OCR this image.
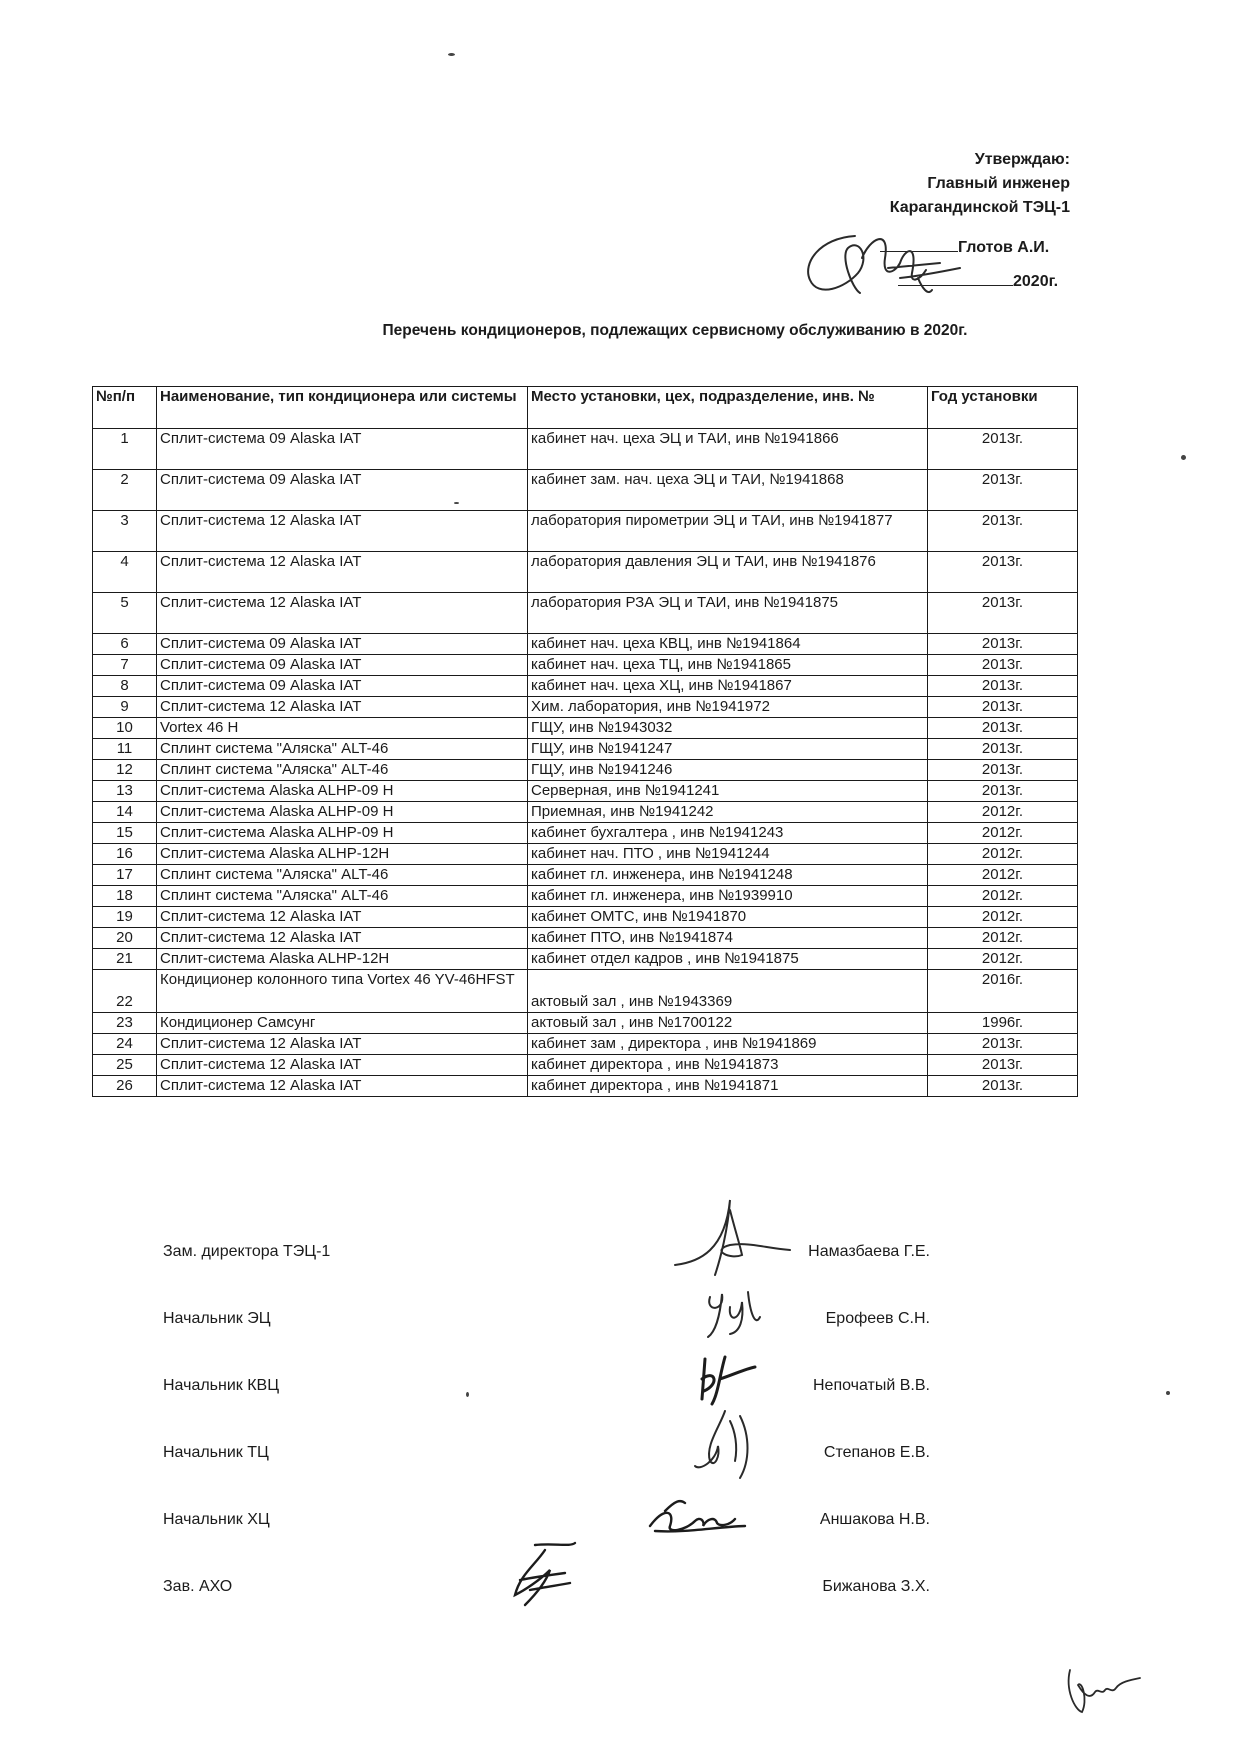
Утверждаю:
Главный инженер
Карагандинской ТЭЦ-1
Глотов А.И.
2020г.
Перечень кондиционеров, подлежащих сервисному обслуживанию в 2020г.
№п/п	Наименование, тип кондиционера или системы	Место установки, цех, подразделение, инв. №	Год установки
1	Сплит-система 09 Alaska IAT	кабинет нач. цеха ЭЦ и ТАИ, инв №1941866	2013г.
2	Сплит-система 09 Alaska IAT	кабинет зам. нач. цеха ЭЦ и ТАИ, №1941868	2013г.
3	Сплит-система 12 Alaska IAT	лаборатория пирометрии ЭЦ и ТАИ, инв №1941877	2013г.
4	Сплит-система 12 Alaska IAT	лаборатория давления ЭЦ и ТАИ, инв №1941876	2013г.
5	Сплит-система 12 Alaska IAT	лаборатория РЗА ЭЦ и ТАИ, инв №1941875	2013г.
6	Сплит-система 09 Alaska IAT	кабинет нач. цеха КВЦ, инв №1941864	2013г.
7	Сплит-система 09 Alaska IAT	кабинет нач. цеха ТЦ, инв №1941865	2013г.
8	Сплит-система 09 Alaska IAT	кабинет нач. цеха ХЦ, инв №1941867	2013г.
9	Сплит-система 12 Alaska IAT	Хим. лаборатория, инв №1941972	2013г.
10	Vortex 46 H	ГЩУ, инв №1943032	2013г.
11	Сплинт система "Аляска" ALT-46	ГЩУ, инв №1941247	2013г.
12	Сплинт система "Аляска" ALT-46	ГЩУ, инв №1941246	2013г.
13	Сплит-система Alaska ALHP-09 H	Серверная, инв №1941241	2013г.
14	Сплит-система Alaska ALHP-09 H	Приемная, инв №1941242	2012г.
15	Сплит-система Alaska ALHP-09 H	кабинет бухгалтера , инв №1941243	2012г.
16	Сплит-система Alaska ALHP-12H	кабинет нач. ПТО , инв №1941244	2012г.
17	Сплинт система "Аляска" ALT-46	кабинет гл. инженера, инв №1941248	2012г.
18	Сплинт система "Аляска" ALT-46	кабинет гл. инженера, инв №1939910	2012г.
19	Сплит-система 12 Alaska IAT	кабинет ОМТС, инв №1941870	2012г.
20	Сплит-система 12 Alaska IAT	кабинет ПТО, инв №1941874	2012г.
21	Сплит-система Alaska ALHP-12H	кабинет отдел кадров , инв №1941875	2012г.
22	Кондиционер колонного типа Vortex 46 YV-46HFST	актовый зал , инв №1943369	2016г.
23	Кондиционер Самсунг	актовый зал , инв №1700122	1996г.
24	Сплит-система 12 Alaska IAT	кабинет зам , директора , инв №1941869	2013г.
25	Сплит-система 12 Alaska IAT	кабинет директора , инв №1941873	2013г.
26	Сплит-система 12 Alaska IAT	кабинет директора , инв №1941871	2013г.
Зам. директора ТЭЦ-1	Намазбаева Г.Е.
Начальник ЭЦ	Ерофеев С.Н.
Начальник КВЦ	Непочатый В.В.
Начальник ТЦ	Степанов Е.В.
Начальник ХЦ	Аншакова Н.В.
Зав. АХО	Бижанова З.Х.
